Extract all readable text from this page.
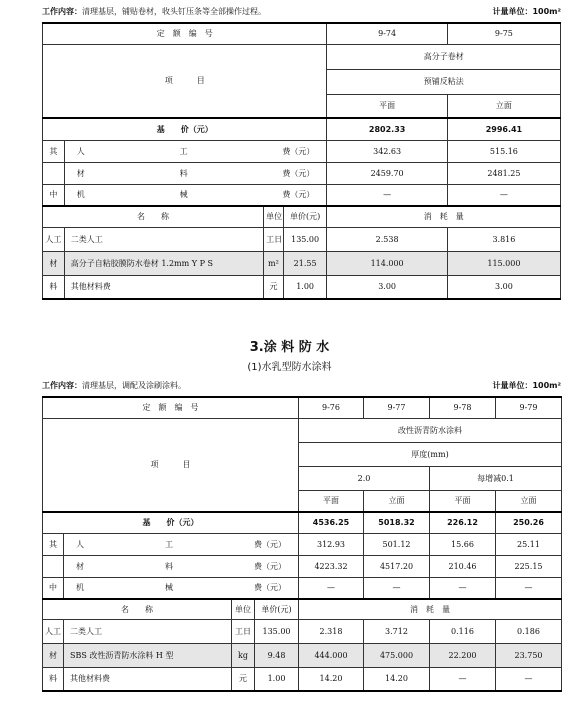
工作内容：清理基层，铺贴卷材，收头钉压条等全部操作过程。	计量单位：100m²
定　额　编　号				9-74	9-75
项　　　目				高分子卷材	
				预铺反粘法	
				平面	立面
基　　价（元）				2802.33	2996.41
其	人 工 费（元）			342.63	515.16

	材 料 费（元）			2459.70	2481.25
中	机 械 费（元）			—	—
名　　称		单位	单价(元)	消　耗　量	
人工	二类人工	工日	135.00	2.538	3.816
材	高分子自粘胶膜防水卷材 1.2mm Y P S	m²	21.55	114.000	115.000
料	其他材料费	元	1.00	3.00	3.00
3.涂 料 防 水
(1)水乳型防水涂料
工作内容：清理基层，调配及涂刷涂料。	计量单位：100m²
定　额　编　号				9-76	9-77	9-78	9-79
项　　　目				改性沥青防水涂料			
				厚度(mm)			
				2.0		每增减0.1	
				平面	立面	平面	立面
基　　价（元）				4536.25	5018.32	226.12	250.26
其	人 工 费（元）			312.93	501.12	15.66	25.11

	材 料 费（元）			4223.32	4517.20	210.46	225.15
中	机 械 费（元）			—	—	—	—
名　　称		单位	单价(元)	消　耗　量			
人工	二类人工	工日	135.00	2.318	3.712	0.116	0.186
材	SBS 改性沥青防水涂料 H 型	kg	9.48	444.000	475.000	22.200	23.750
料	其他材料费	元	1.00	14.20	14.20	—	—
